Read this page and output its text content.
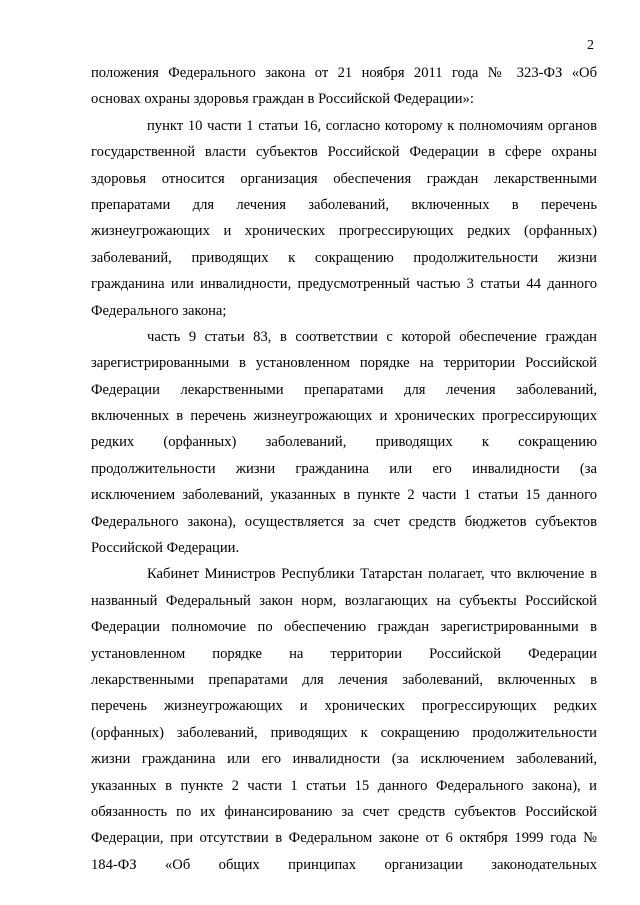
2
положения Федерального закона от 21 ноября 2011 года № 323-ФЗ «Об
основах охраны здоровья граждан в Российской Федерации»:
пункт 10 части 1 статьи 16, согласно которому к полномочиям органов
государственной власти субъектов Российской Федерации в сфере охраны
здоровья относится организация обеспечения граждан лекарственными
препаратами для лечения заболеваний, включенных в перечень
жизнеугрожающих и хронических прогрессирующих редких (орфанных)
заболеваний, приводящих к сокращению продолжительности жизни
гражданина или инвалидности, предусмотренный частью 3 статьи 44 данного
Федерального закона;
часть 9 статьи 83, в соответствии с которой обеспечение граждан
зарегистрированными в установленном порядке на территории Российской
Федерации лекарственными препаратами для лечения заболеваний,
включенных в перечень жизнеугрожающих и хронических прогрессирующих
редких (орфанных) заболеваний, приводящих к сокращению
продолжительности жизни гражданина или его инвалидности (за
исключением заболеваний, указанных в пункте 2 части 1 статьи 15 данного
Федерального закона), осуществляется за счет средств бюджетов субъектов
Российской Федерации.
Кабинет Министров Республики Татарстан полагает, что включение в
названный Федеральный закон норм, возлагающих на субъекты Российской
Федерации полномочие по обеспечению граждан зарегистрированными в
установленном порядке на территории Российской Федерации
лекарственными препаратами для лечения заболеваний, включенных в
перечень жизнеугрожающих и хронических прогрессирующих редких
(орфанных) заболеваний, приводящих к сокращению продолжительности
жизни гражданина или его инвалидности (за исключением заболеваний,
указанных в пункте 2 части 1 статьи 15 данного Федерального закона), и
обязанность по их финансированию за счет средств субъектов Российской
Федерации, при отсутствии в Федеральном законе от 6 октября 1999 года №
184-ФЗ «Об общих принципах организации законодательных
